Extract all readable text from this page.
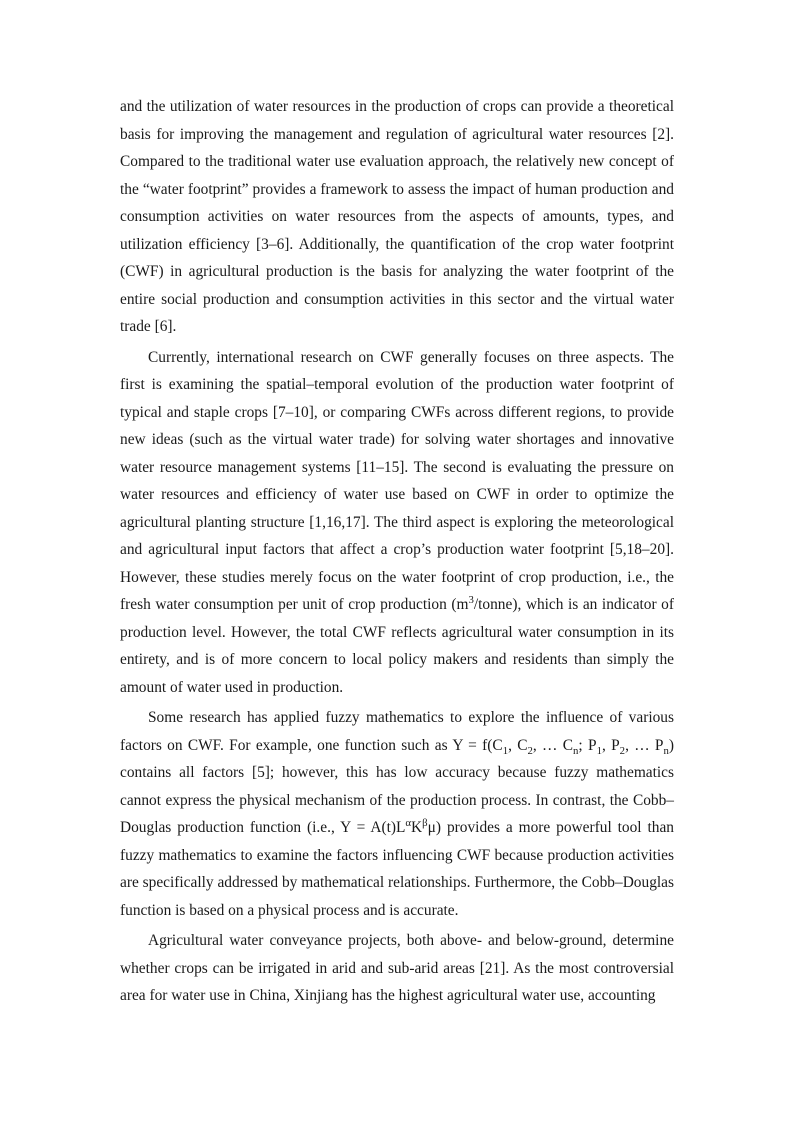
and the utilization of water resources in the production of crops can provide a theoretical basis for improving the management and regulation of agricultural water resources [2]. Compared to the traditional water use evaluation approach, the relatively new concept of the “water footprint” provides a framework to assess the impact of human production and consumption activities on water resources from the aspects of amounts, types, and utilization efficiency [3–6]. Additionally, the quantification of the crop water footprint (CWF) in agricultural production is the basis for analyzing the water footprint of the entire social production and consumption activities in this sector and the virtual water trade [6].

Currently, international research on CWF generally focuses on three aspects. The first is examining the spatial–temporal evolution of the production water footprint of typical and staple crops [7–10], or comparing CWFs across different regions, to provide new ideas (such as the virtual water trade) for solving water shortages and innovative water resource management systems [11–15]. The second is evaluating the pressure on water resources and efficiency of water use based on CWF in order to optimize the agricultural planting structure [1,16,17]. The third aspect is exploring the meteorological and agricultural input factors that affect a crop’s production water footprint [5,18–20]. However, these studies merely focus on the water footprint of crop production, i.e., the fresh water consumption per unit of crop production $(m^3/tonne)$, which is an indicator of production level. However, the total CWF reflects agricultural water consumption in its entirety, and is of more concern to local policy makers and residents than simply the amount of water used in production.

Some research has applied fuzzy mathematics to explore the influence of various factors on CWF. For example, one function such as $Y = f(C_1$, $C_2$, … $C_n$; $P_1$, $P_2$, … $P_n$) contains all factors [5]; however, this has low accuracy because fuzzy mathematics cannot express the physical mechanism of the production process. In contrast, the Cobb–Douglas production function (i.e., $Y = A(t)L^\alpha K^\beta\mu$) provides a more powerful tool than fuzzy mathematics to examine the factors influencing CWF because production activities are specifically addressed by mathematical relationships. Furthermore, the Cobb–Douglas function is based on a physical process and is accurate.

Agricultural water conveyance projects, both above- and below-ground, determine whether crops can be irrigated in arid and sub-arid areas [21]. As the most controversial area for water use in China, Xinjiang has the highest agricultural water use, accounting
